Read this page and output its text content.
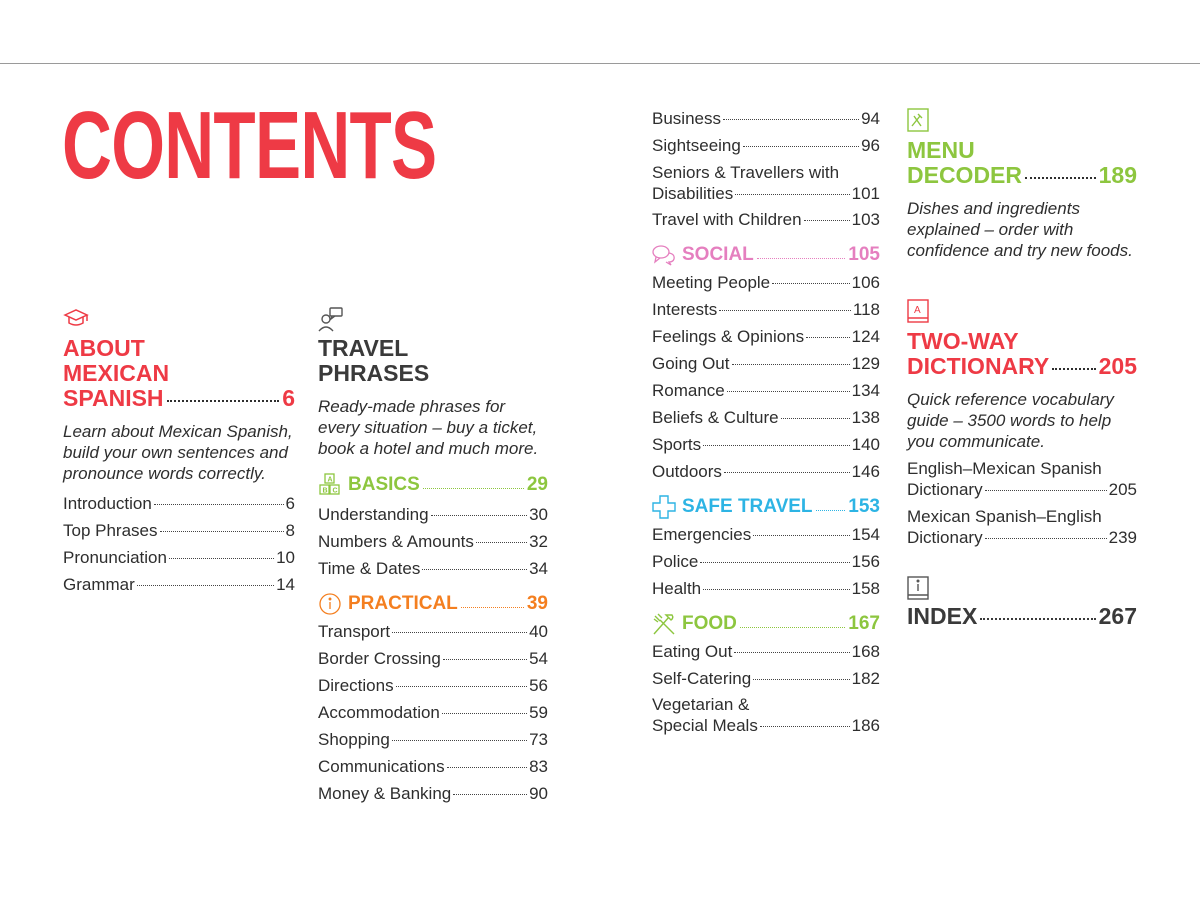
CONTENTS
ABOUT
MEXICAN
SPANISH	6
Learn about Mexican Spanish, build your own sentences and pronounce words correctly.
Introduction	6
Top Phrases	8
Pronunciation	10
Grammar	14
TRAVEL
PHRASES
Ready-made phrases for every situation – buy a ticket, book a hotel and much more.
A
B C BASICS	29
Understanding	30
Numbers & Amounts	32
Time & Dates	34
PRACTICAL	39
Transport	40
Border Crossing	54
Directions	56
Accommodation	59
Shopping	73
Communications	83
Money & Banking	90
Business	94
Sightseeing	96
Seniors & Travellers with
Disabilities	101
Travel with Children	103
SOCIAL	105
Meeting People	106
Interests	118
Feelings & Opinions	124
Going Out	129
Romance	134
Beliefs & Culture	138
Sports	140
Outdoors	146
SAFE TRAVEL 153
Emergencies	154
Police	156
Health	158
FOOD	167
Eating Out	168
Self-Catering	182
Vegetarian &
Special Meals	186
MENU
DECODER	189
Dishes and ingredients explained – order with confidence and try new foods.
A
TWO-WAY
DICTIONARY 205
Quick reference vocabulary guide – 3500 words to help you communicate.
English–Mexican Spanish
Dictionary	205
Mexican Spanish–English
Dictionary	239
INDEX	267
